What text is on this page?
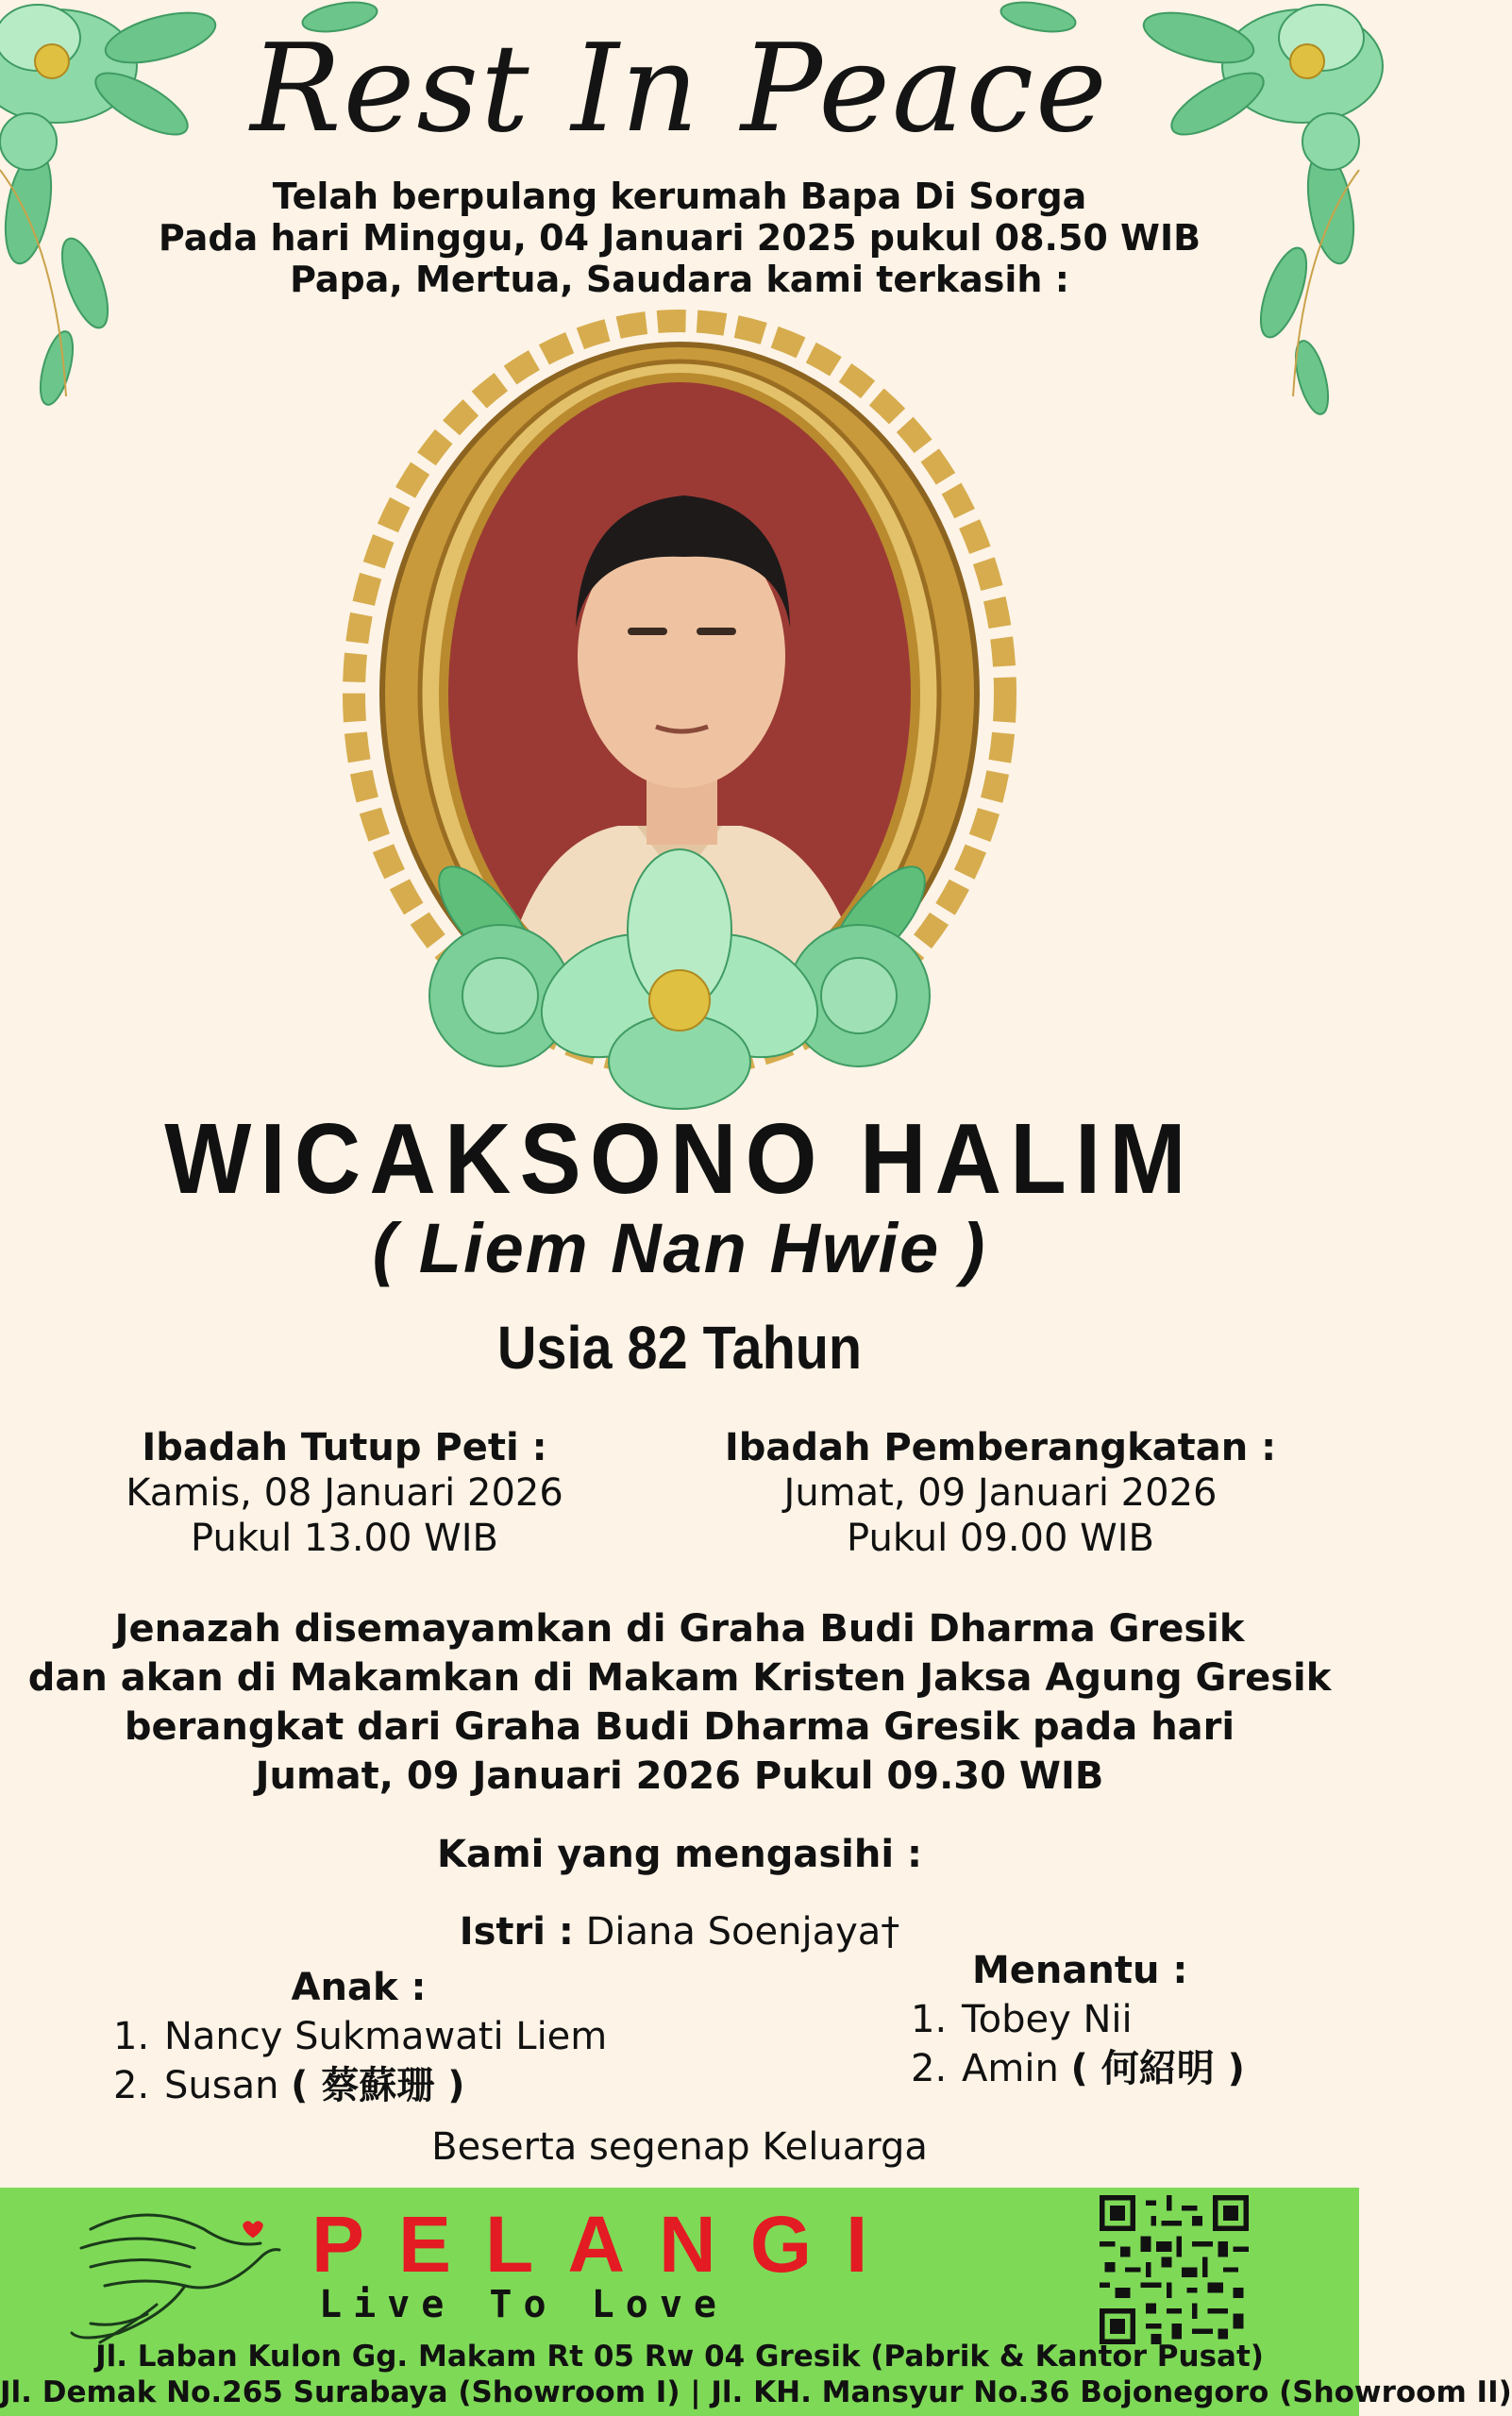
Rest In Peace
Telah berpulang kerumah Bapa Di Sorga
Pada hari Minggu, 04 Januari 2025 pukul 08.50 WIB
Papa, Mertua, Saudara kami terkasih :
WICAKSONO HALIM
( Liem Nan Hwie )
Usia 82 Tahun
Ibadah Tutup Peti :
Kamis, 08 Januari 2026
Pukul 13.00 WIB
Ibadah Pemberangkatan :
Jumat, 09 Januari 2026
Pukul 09.00 WIB
Jenazah disemayamkan di Graha Budi Dharma Gresik
dan akan di Makamkan di Makam Kristen Jaksa Agung Gresik
berangkat dari Graha Budi Dharma Gresik pada hari
Jumat, 09 Januari 2026 Pukul 09.30 WIB
Kami yang mengasihi :
Istri : Diana Soenjaya†
Anak :
1. Nancy Sukmawati Liem
2. Susan ( 蔡蘇珊 )
Menantu :
1. Tobey Nii
2. Amin ( 何紹明 )
Beserta segenap Keluarga
PELANGI
Live To Love
Jl. Laban Kulon Gg. Makam Rt 05 Rw 04 Gresik (Pabrik & Kantor Pusat)
Jl. Demak No.265 Surabaya (Showroom I) | Jl. KH. Mansyur No.36 Bojonegoro (Showroom II)
